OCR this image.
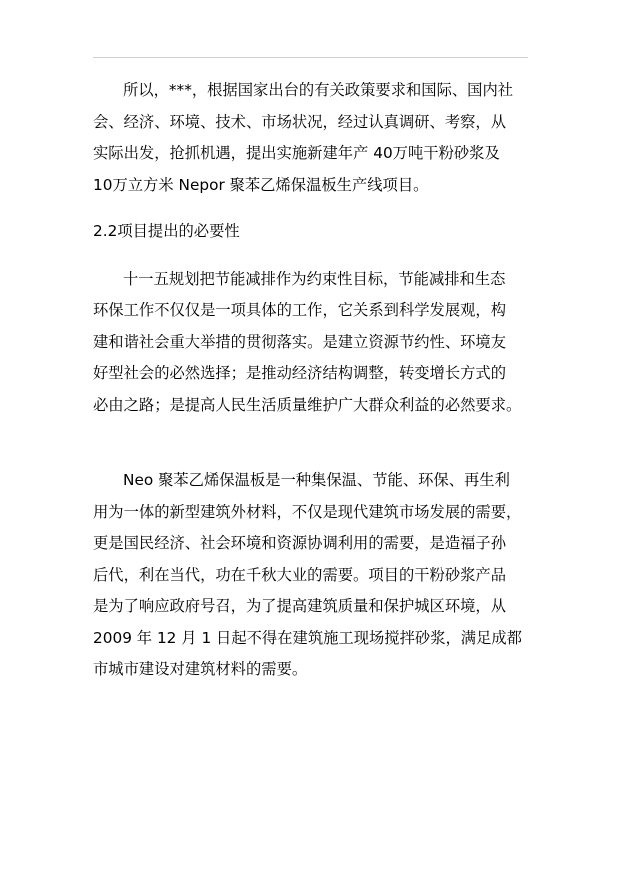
所以，***，根据国家出台的有关政策要求和国际、国内社
会、经济、环境、技术、市场状况，经过认真调研、考察，从
实际出发，抢抓机遇，提出实施新建年产 40万吨干粉砂浆及
10万立方米 Nepor 聚苯乙烯保温板生产线项目。
2.2项目提出的必要性
十一五规划把节能减排作为约束性目标，节能减排和生态
环保工作不仅仅是一项具体的工作，它关系到科学发展观，构
建和谐社会重大举措的贯彻落实。是建立资源节约性、环境友
好型社会的必然选择；是推动经济结构调整，转变增长方式的
必由之路；是提高人民生活质量维护广大群众利益的必然要求。
Neo 聚苯乙烯保温板是一种集保温、节能、环保、再生利
用为一体的新型建筑外材料，不仅是现代建筑市场发展的需要，
更是国民经济、社会环境和资源协调利用的需要，是造福子孙
后代，利在当代，功在千秋大业的需要。项目的干粉砂浆产品
是为了响应政府号召，为了提高建筑质量和保护城区环境，从
2009 年 12 月 1 日起不得在建筑施工现场搅拌砂浆，满足成都
市城市建设对建筑材料的需要。
